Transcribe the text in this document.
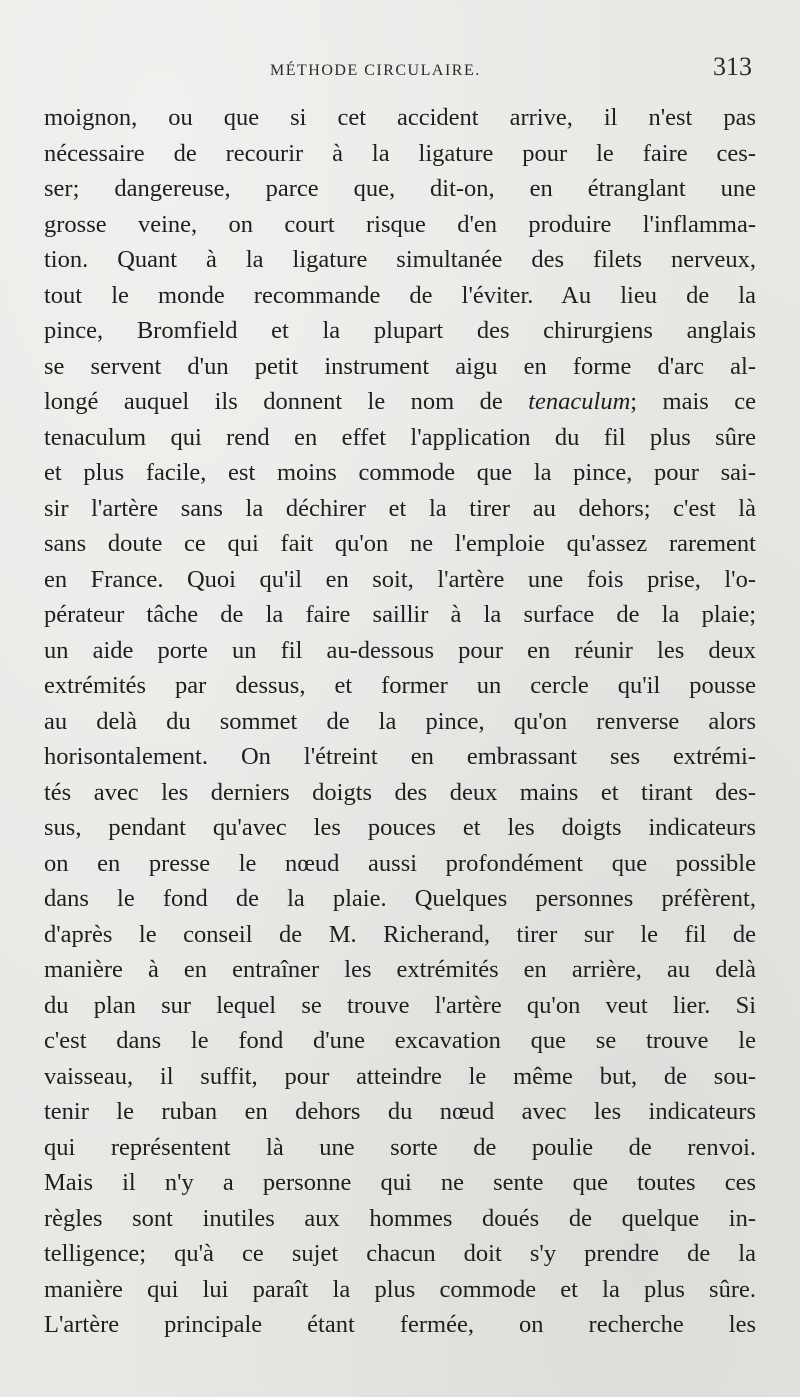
MÉTHODE CIRCULAIRE.	313
moignon, ou que si cet accident arrive, il n'est pas
nécessaire de recourir à la ligature pour le faire ces-
ser; dangereuse, parce que, dit-on, en étranglant une
grosse veine, on court risque d'en produire l'inflamma-
tion. Quant à la ligature simultanée des filets nerveux,
tout le monde recommande de l'éviter. Au lieu de la
pince, Bromfield et la plupart des chirurgiens anglais
se servent d'un petit instrument aigu en forme d'arc al-
longé auquel ils donnent le nom de tenaculum; mais ce
tenaculum qui rend en effet l'application du fil plus sûre
et plus facile, est moins commode que la pince, pour sai-
sir l'artère sans la déchirer et la tirer au dehors; c'est là
sans doute ce qui fait qu'on ne l'emploie qu'assez rarement
en France. Quoi qu'il en soit, l'artère une fois prise, l'o-
pérateur tâche de la faire saillir à la surface de la plaie;
un aide porte un fil au-dessous pour en réunir les deux
extrémités par dessus, et former un cercle qu'il pousse
au delà du sommet de la pince, qu'on renverse alors
horisontalement. On l'étreint en embrassant ses extrémi-
tés avec les derniers doigts des deux mains et tirant des-
sus, pendant qu'avec les pouces et les doigts indicateurs
on en presse le nœud aussi profondément que possible
dans le fond de la plaie. Quelques personnes préfèrent,
d'après le conseil de M. Richerand, tirer sur le fil de
manière à en entraîner les extrémités en arrière, au delà
du plan sur lequel se trouve l'artère qu'on veut lier. Si
c'est dans le fond d'une excavation que se trouve le
vaisseau, il suffit, pour atteindre le même but, de sou-
tenir le ruban en dehors du nœud avec les indicateurs
qui représentent là une sorte de poulie de renvoi.
Mais il n'y a personne qui ne sente que toutes ces
règles sont inutiles aux hommes doués de quelque in-
telligence; qu'à ce sujet chacun doit s'y prendre de la
manière qui lui paraît la plus commode et la plus sûre.
L'artère principale étant fermée, on recherche les
